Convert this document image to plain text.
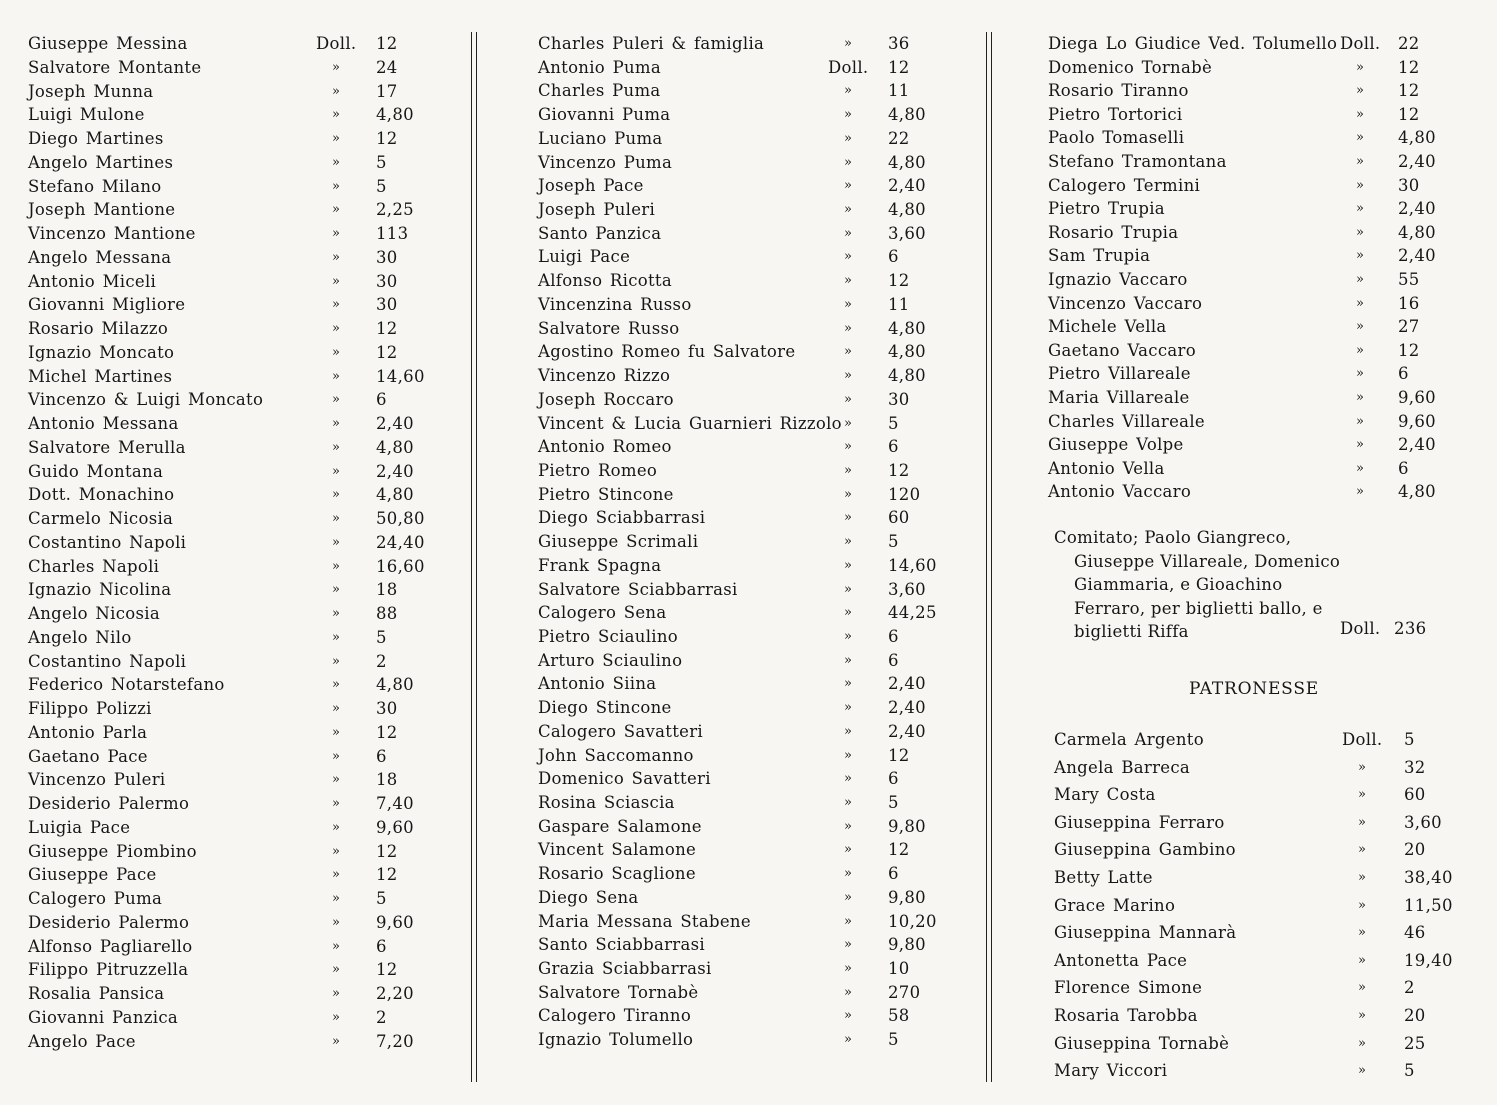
Giuseppe Messina	Doll. 12
Salvatore Montante	» 24
Joseph Munna	» 17
Luigi Mulone	» 4,80
Diego Martines	» 12
Angelo Martines	» 5
Stefano Milano	» 5
Joseph Mantione	» 2,25
Vincenzo Mantione	» 113
Angelo Messana	» 30
Antonio Miceli	» 30
Giovanni Migliore	» 30
Rosario Milazzo	» 12
Ignazio Moncato	» 12
Michel Martines	» 14,60
Vincenzo & Luigi Moncato	» 6
Antonio Messana	» 2,40
Salvatore Merulla	» 4,80
Guido Montana	» 2,40
Dott. Monachino	» 4,80
Carmelo Nicosia	» 50,80
Costantino Napoli	» 24,40
Charles Napoli	» 16,60
Ignazio Nicolina	» 18
Angelo Nicosia	» 88
Angelo Nilo	» 5
Costantino Napoli	» 2
Federico Notarstefano	» 4,80
Filippo Polizzi	» 30
Antonio Parla	» 12
Gaetano Pace	» 6
Vincenzo Puleri	» 18
Desiderio Palermo	» 7,40
Luigia Pace	» 9,60
Giuseppe Piombino	» 12
Giuseppe Pace	» 12
Calogero Puma	» 5
Desiderio Palermo	» 9,60
Alfonso Pagliarello	» 6
Filippo Pitruzzella	» 12
Rosalia Pansica	» 2,20
Giovanni Panzica	» 2
Angelo Pace	» 7,20
Charles Puleri & famiglia	» 36
Antonio Puma	Doll. 12
Charles Puma	» 11
Giovanni Puma	» 4,80
Luciano Puma	» 22
Vincenzo Puma	» 4,80
Joseph Pace	» 2,40
Joseph Puleri	» 4,80
Santo Panzica	» 3,60
Luigi Pace	» 6
Alfonso Ricotta	» 12
Vincenzina Russo	» 11
Salvatore Russo	» 4,80
Agostino Romeo fu Salvatore	» 4,80
Vincenzo Rizzo	» 4,80
Joseph Roccaro	» 30
Vincent & Lucia Guarnieri Rizzolo » 5
Antonio Romeo	» 6
Pietro Romeo	» 12
Pietro Stincone	» 120
Diego Sciabbarrasi	» 60
Giuseppe Scrimali	» 5
Frank Spagna	» 14,60
Salvatore Sciabbarrasi	» 3,60
Calogero Sena	» 44,25
Pietro Sciaulino	» 6
Arturo Sciaulino	» 6
Antonio Siina	» 2,40
Diego Stincone	» 2,40
Calogero Savatteri	» 2,40
John Saccomanno	» 12
Domenico Savatteri	» 6
Rosina Sciascia	» 5
Gaspare Salamone	» 9,80
Vincent Salamone	» 12
Rosario Scaglione	» 6
Diego Sena	» 9,80
Maria Messana Stabene	» 10,20
Santo Sciabbarrasi	» 9,80
Grazia Sciabbarrasi	» 10
Salvatore Tornabè	» 270
Calogero Tiranno	» 58
Ignazio Tolumello	» 5
Diega Lo Giudice Ved. Tolumello Doll. 22
Domenico Tornabè	» 12
Rosario Tiranno	» 12
Pietro Tortorici	» 12
Paolo Tomaselli	» 4,80
Stefano Tramontana	» 2,40
Calogero Termini	» 30
Pietro Trupia	» 2,40
Rosario Trupia	» 4,80
Sam Trupia	» 2,40
Ignazio Vaccaro	» 55
Vincenzo Vaccaro	» 16
Michele Vella	» 27
Gaetano Vaccaro	» 12
Pietro Villareale	» 6
Maria Villareale	» 9,60
Charles Villareale	» 9,60
Giuseppe Volpe	» 2,40
Antonio Vella	» 6
Antonio Vaccaro	» 4,80

Comitato; Paolo Giangreco, Giuseppe Villareale, Domenico Giammaria, e Gioachino Ferraro, per biglietti ballo, e biglietti Riffa	Doll. 236
PATRONESSE
Carmela Argento	Doll. 5
Angela Barreca	» 32
Mary Costa	» 60
Giuseppina Ferraro	» 3,60
Giuseppina Gambino	» 20
Betty Latte	» 38,40
Grace Marino	» 11,50
Giuseppina Mannarà	» 46
Antonetta Pace	» 19,40
Florence Simone	» 2
Rosaria Tarobba	» 20
Giuseppina Tornabè	» 25
Mary Viccori	» 5
